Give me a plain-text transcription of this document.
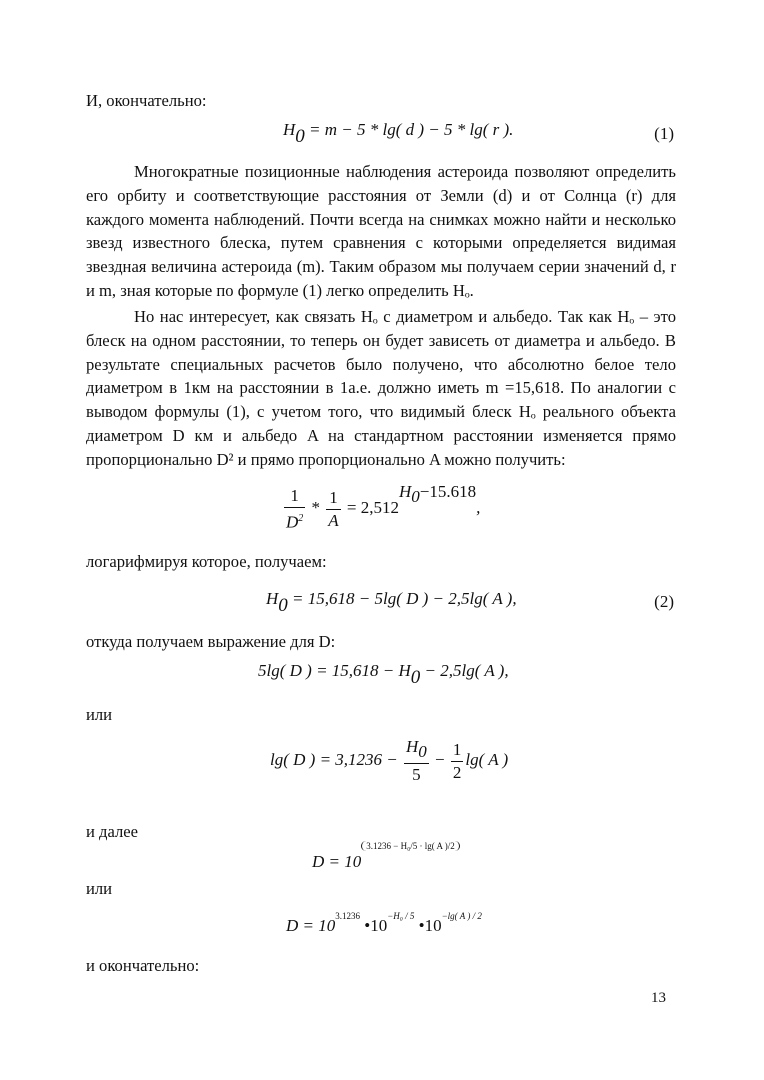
И, окончательно:
$H_0 = m - 5 * \lg$( d ) − 5 * lg( r ).	(1)
Многократные позиционные наблюдения астероида позволяют определить его орбиту и соответствующие расстояния от Земли (d) и от Солнца (r) для каждого момента наблюдений. Почти всегда на снимках можно найти и несколько звезд известного блеска, путем сравнения с которыми определяется видимая звездная величина астероида (m). Таким образом мы получаем серии значений d, r и m, зная которые по формуле (1) легко определить Hₒ.
Но нас интересует, как связать Hₒ с диаметром и альбедо. Так как Hₒ – это блеск на одном расстоянии, то теперь он будет зависеть от диаметра и альбедо. В результате специальных расчетов было получено, что абсолютно белое тело диаметром в 1км на расстоянии в 1а.е. должно иметь m =15,618. По аналогии с выводом формулы (1), с учетом того, что видимый блеск Hₒ реального объекта диаметром D км и альбедо A на стандартном расстоянии изменяется прямо пропорционально D² и прямо пропорционально A можно получить:
$\frac{1}{D^2} * \frac{1}{A} = 2,512H_0-15.618$,
логарифмируя которое, получаем:
$H_0 = 15,618 - 5\lg$( D ) − 2,5lg( A ),	(2)
откуда получаем выражение для D:
5lg( D ) = $15,618 - H_0 - 2,5\lg$( A ),
или
lg( D ) = $3,1236 - \frac{H_0}{5} - \frac{1}{2} \lg$( A )
и далее
$D = 10^{3.1236 - H_0/5 \cdot lg( A )/2}$
или
$D = 10^{3.1236}$ $•10^{-H_0 / 5}$ $•10^{-lg( A ) / 2}$
и окончательно:
13
